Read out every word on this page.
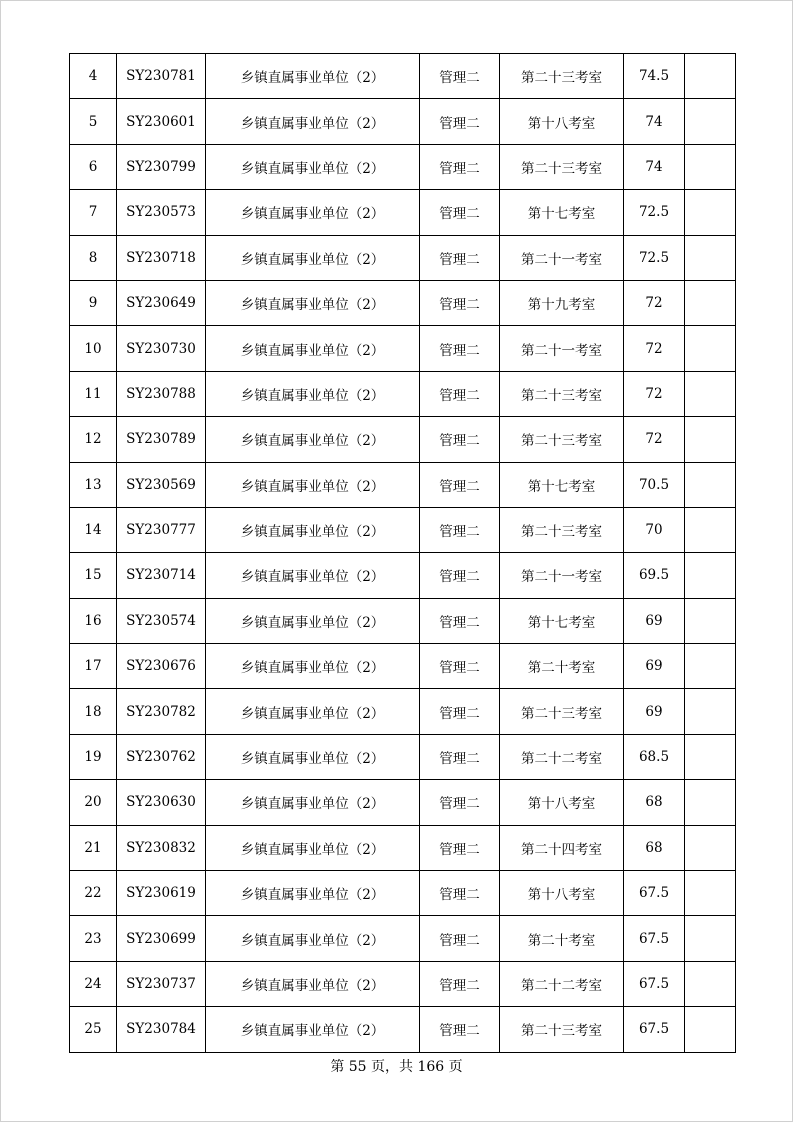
4	SY230781	乡镇直属事业单位（2）	管理二	第二十三考室	74.5	
5	SY230601	乡镇直属事业单位（2）	管理二	第十八考室	74	
6	SY230799	乡镇直属事业单位（2）	管理二	第二十三考室	74	
7	SY230573	乡镇直属事业单位（2）	管理二	第十七考室	72.5	
8	SY230718	乡镇直属事业单位（2）	管理二	第二十一考室	72.5	
9	SY230649	乡镇直属事业单位（2）	管理二	第十九考室	72	
10	SY230730	乡镇直属事业单位（2）	管理二	第二十一考室	72	
11	SY230788	乡镇直属事业单位（2）	管理二	第二十三考室	72	
12	SY230789	乡镇直属事业单位（2）	管理二	第二十三考室	72	
13	SY230569	乡镇直属事业单位（2）	管理二	第十七考室	70.5	
14	SY230777	乡镇直属事业单位（2）	管理二	第二十三考室	70	
15	SY230714	乡镇直属事业单位（2）	管理二	第二十一考室	69.5	
16	SY230574	乡镇直属事业单位（2）	管理二	第十七考室	69	
17	SY230676	乡镇直属事业单位（2）	管理二	第二十考室	69	
18	SY230782	乡镇直属事业单位（2）	管理二	第二十三考室	69	
19	SY230762	乡镇直属事业单位（2）	管理二	第二十二考室	68.5	
20	SY230630	乡镇直属事业单位（2）	管理二	第十八考室	68	
21	SY230832	乡镇直属事业单位（2）	管理二	第二十四考室	68	
22	SY230619	乡镇直属事业单位（2）	管理二	第十八考室	67.5	
23	SY230699	乡镇直属事业单位（2）	管理二	第二十考室	67.5	
24	SY230737	乡镇直属事业单位（2）	管理二	第二十二考室	67.5	
25	SY230784	乡镇直属事业单位（2）	管理二	第二十三考室	67.5	
第 55 页，共 166 页
